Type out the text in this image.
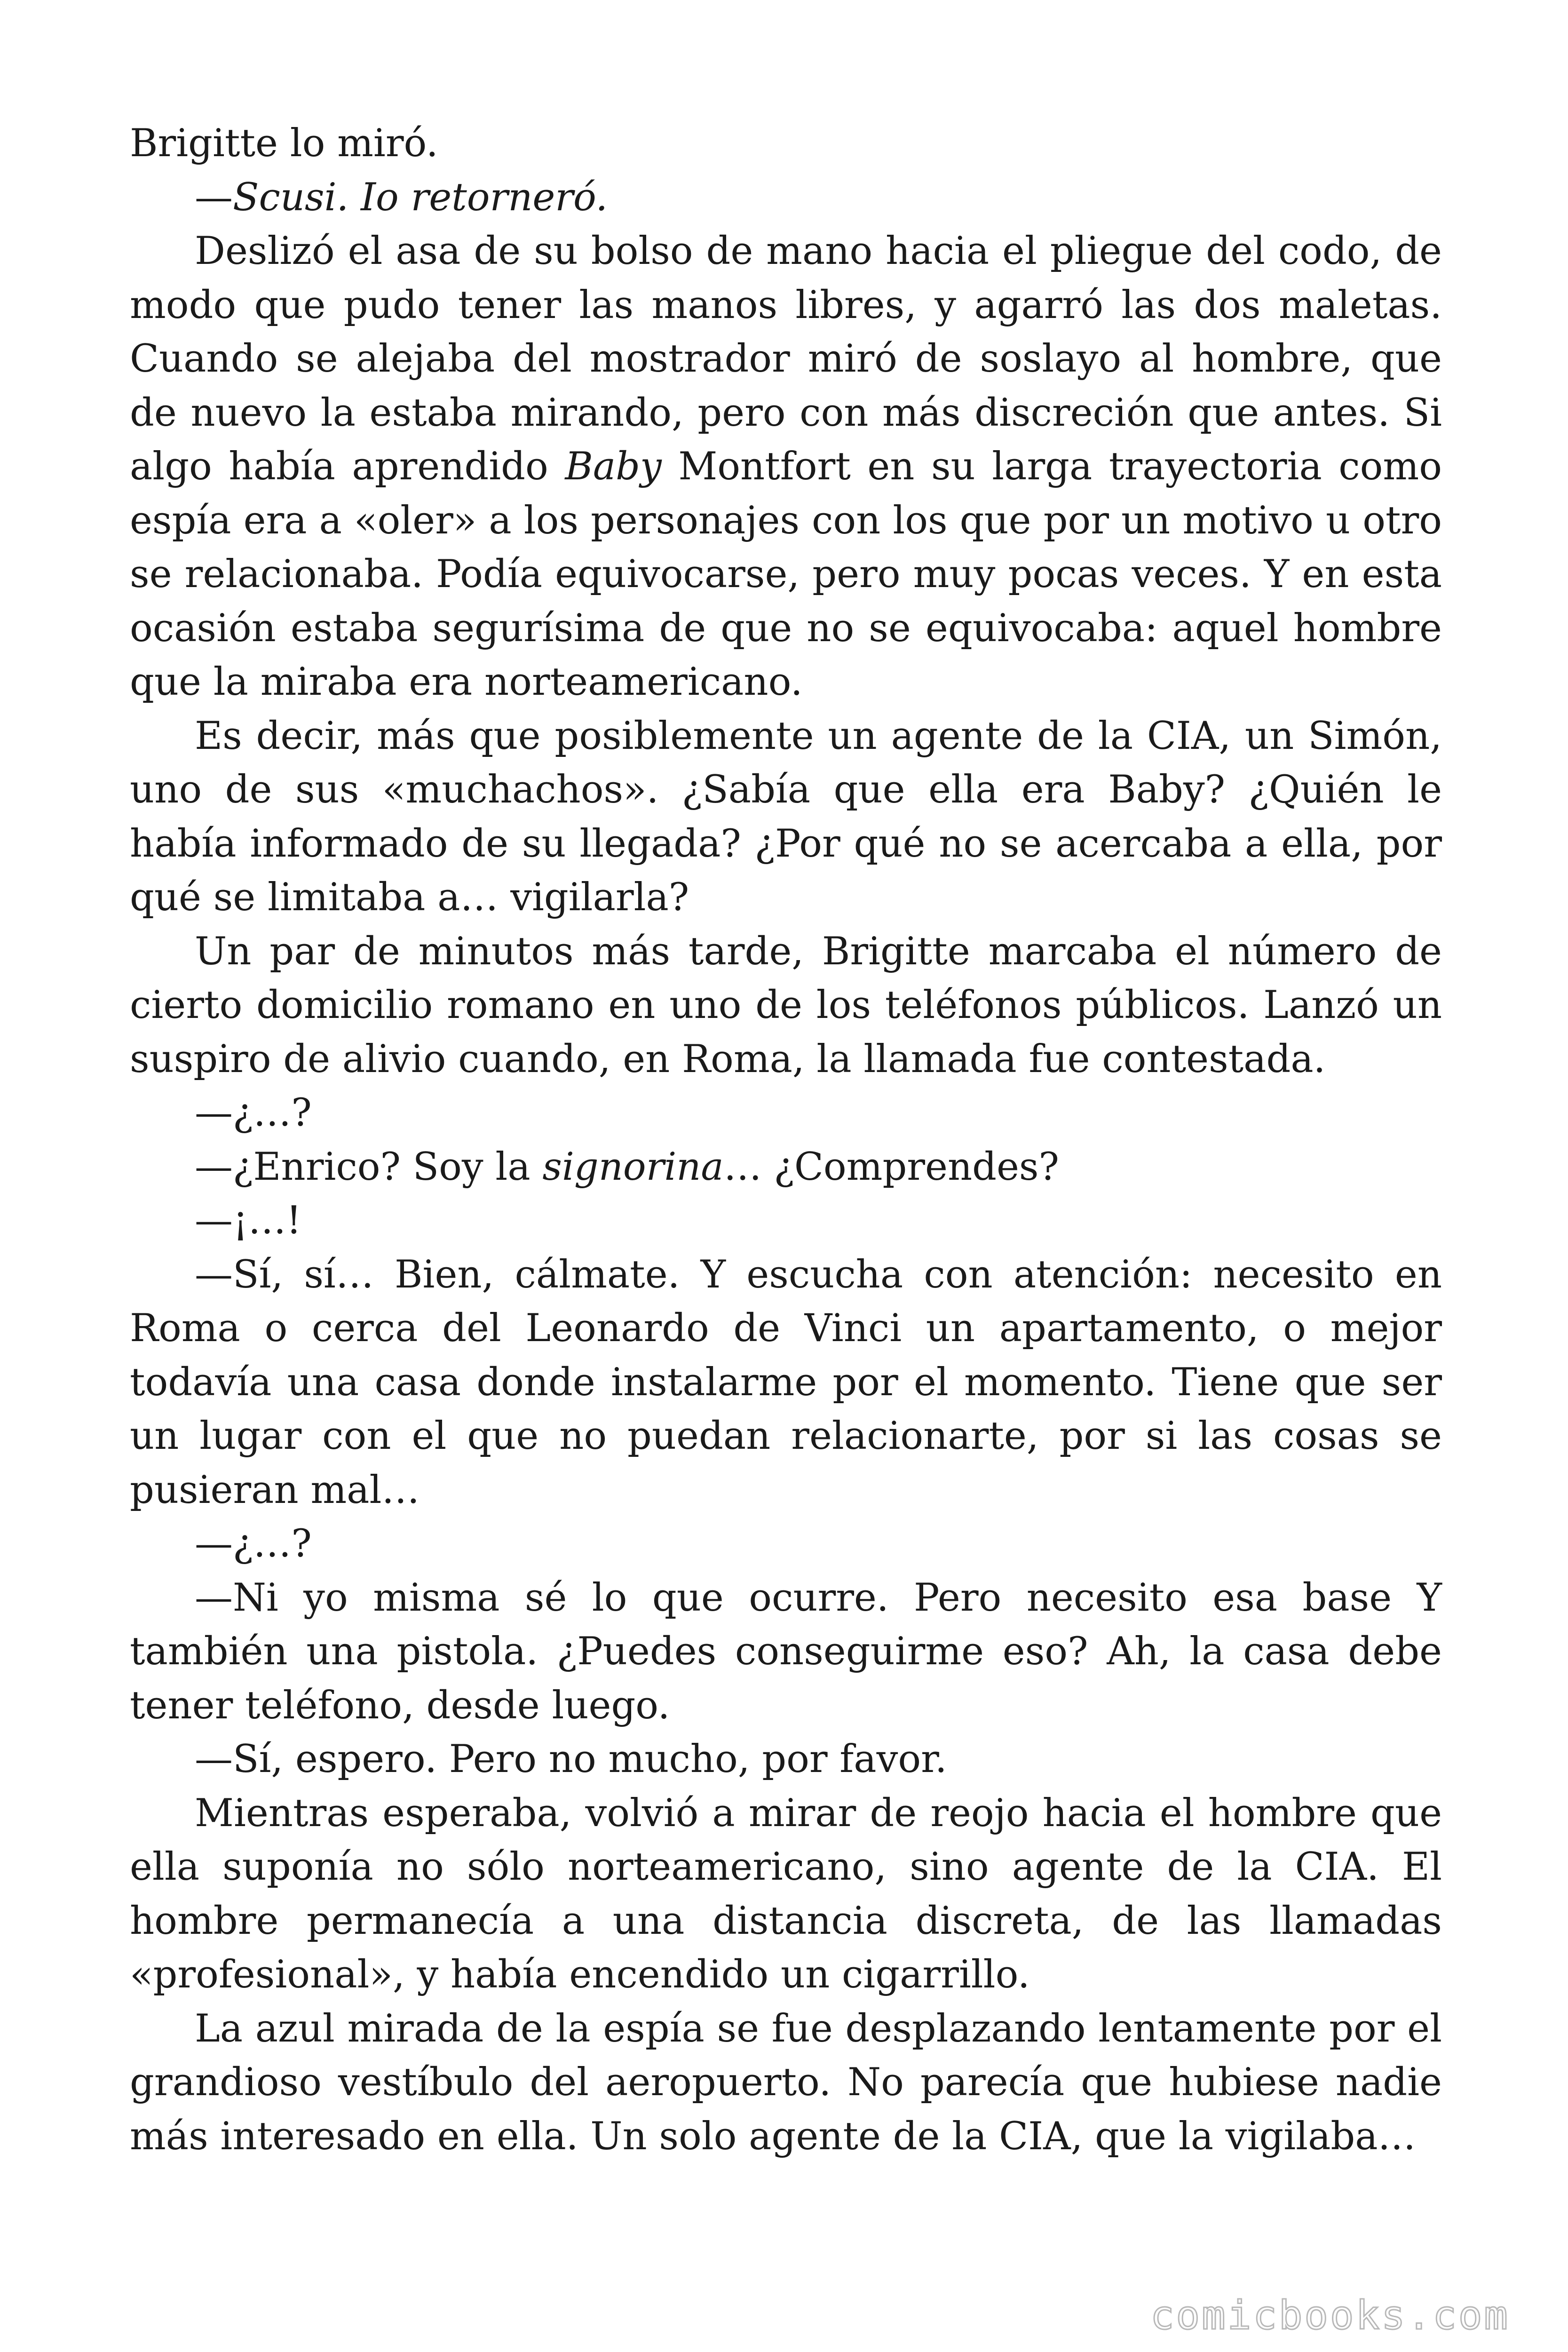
Brigitte lo miró.

—Scusi. Io retorneró.

Deslizó el asa de su bolso de mano hacia el pliegue del codo, de modo que pudo tener las manos libres, y agarró las dos maletas. Cuando se alejaba del mostrador miró de soslayo al hombre, que de nuevo la estaba mirando, pero con más discreción que antes. Si algo había aprendido Baby Montfort en su larga trayectoria como espía era a «oler» a los personajes con los que por un motivo u otro se relacionaba. Podía equivocarse, pero muy pocas veces. Y en esta ocasión estaba segurísima de que no se equivocaba: aquel hombre que la miraba era norteamericano.

Es decir, más que posiblemente un agente de la CIA, un Simón, uno de sus «muchachos». ¿Sabía que ella era Baby? ¿Quién le había informado de su llegada? ¿Por qué no se acercaba a ella, por qué se limitaba a… vigilarla?

Un par de minutos más tarde, Brigitte marcaba el número de cierto domicilio romano en uno de los teléfonos públicos. Lanzó un suspiro de alivio cuando, en Roma, la llamada fue contestada.

—¿…?

—¿Enrico? Soy la signorina… ¿Comprendes?

—¡…!

—Sí, sí… Bien, cálmate. Y escucha con atención: necesito en Roma o cerca del Leonardo de Vinci un apartamento, o mejor todavía una casa donde instalarme por el momento. Tiene que ser un lugar con el que no puedan relacionarte, por si las cosas se pusieran mal…

—¿…?

—Ni yo misma sé lo que ocurre. Pero necesito esa base Y también una pistola. ¿Puedes conseguirme eso? Ah, la casa debe tener teléfono, desde luego.

—Sí, espero. Pero no mucho, por favor.

Mientras esperaba, volvió a mirar de reojo hacia el hombre que ella suponía no sólo norteamericano, sino agente de la CIA. El hombre permanecía a una distancia discreta, de las llamadas «profesional», y había encendido un cigarrillo.

La azul mirada de la espía se fue desplazando lentamente por el grandioso vestíbulo del aeropuerto. No parecía que hubiese nadie más interesado en ella. Un solo agente de la CIA, que la vigilaba…

comicbooks.com
